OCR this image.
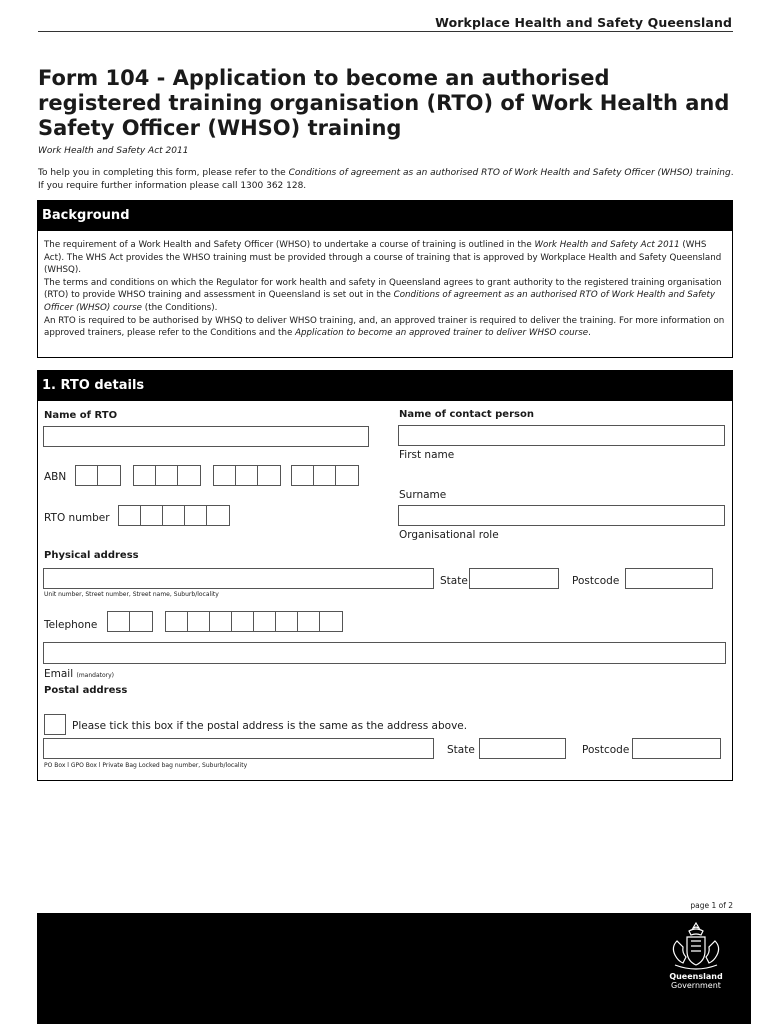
Workplace Health and Safety Queensland
Form 104 - Application to become an authorised registered training organisation (RTO) of Work Health and Safety Officer (WHSO) training
Work Health and Safety Act 2011
To help you in completing this form, please refer to the Conditions of agreement as an authorised RTO of Work Health and Safety Officer (WHSO) training. If you require further information please call 1300 362 128.
Background

The requirement of a Work Health and Safety Officer (WHSO) to undertake a course of training is outlined in the Work Health and Safety Act 2011 (WHS Act). The WHS Act provides the WHSO training must be provided through a course of training that is approved by Workplace Health and Safety Queensland (WHSQ).

The terms and conditions on which the Regulator for work health and safety in Queensland agrees to grant authority to the registered training organisation (RTO) to provide WHSO training and assessment in Queensland is set out in the Conditions of agreement as an authorised RTO of Work Health and Safety Officer (WHSO) course (the Conditions).

An RTO is required to be authorised by WHSQ to deliver WHSO training, and, an approved trainer is required to deliver the training. For more information on approved trainers, please refer to the Conditions and the Application to become an approved trainer to deliver WHSO course.

1. RTO details
Name of RTO	Name of contact person
First name
ABN
Surname
RTO number
Organisational role
Physical address
State	Postcode
Unit number, Street number, Street name, Suburb/locality
Telephone
Email (mandatory)
Postal address
Please tick this box if the postal address is the same as the address above.
State	Postcode
PO Box l GPO Box l Private Bag Locked bag number, Suburb/locality
page 1 of 2
Queensland
Government
